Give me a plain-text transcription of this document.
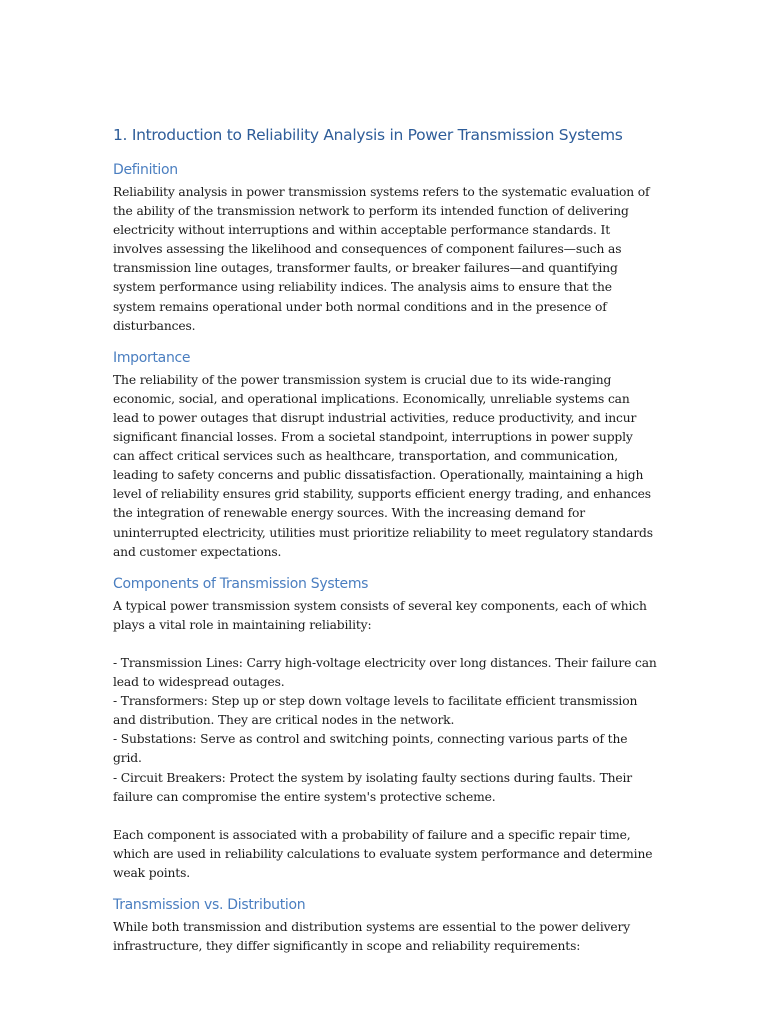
1. Introduction to Reliability Analysis in Power Transmission Systems
Definition

Reliability analysis in power transmission systems refers to the systematic evaluation of the ability of the transmission network to perform its intended function of delivering electricity without interruptions and within acceptable performance standards. It involves assessing the likelihood and consequences of component failures—such as transmission line outages, transformer faults, or breaker failures—and quantifying system performance using reliability indices. The analysis aims to ensure that the system remains operational under both normal conditions and in the presence of disturbances.

Importance

The reliability of the power transmission system is crucial due to its wide-ranging economic, social, and operational implications. Economically, unreliable systems can lead to power outages that disrupt industrial activities, reduce productivity, and incur significant financial losses. From a societal standpoint, interruptions in power supply can affect critical services such as healthcare, transportation, and communication, leading to safety concerns and public dissatisfaction. Operationally, maintaining a high level of reliability ensures grid stability, supports efficient energy trading, and enhances the integration of renewable energy sources. With the increasing demand for uninterrupted electricity, utilities must prioritize reliability to meet regulatory standards and customer expectations.

Components of Transmission Systems

A typical power transmission system consists of several key components, each of which plays a vital role in maintaining reliability:

- Transmission Lines: Carry high-voltage electricity over long distances. Their failure can lead to widespread outages.

- Transformers: Step up or step down voltage levels to facilitate efficient transmission and distribution. They are critical nodes in the network.

- Substations: Serve as control and switching points, connecting various parts of the grid.

- Circuit Breakers: Protect the system by isolating faulty sections during faults. Their failure can compromise the entire system's protective scheme.

Each component is associated with a probability of failure and a specific repair time, which are used in reliability calculations to evaluate system performance and determine weak points.

Transmission vs. Distribution

While both transmission and distribution systems are essential to the power delivery infrastructure, they differ significantly in scope and reliability requirements:
